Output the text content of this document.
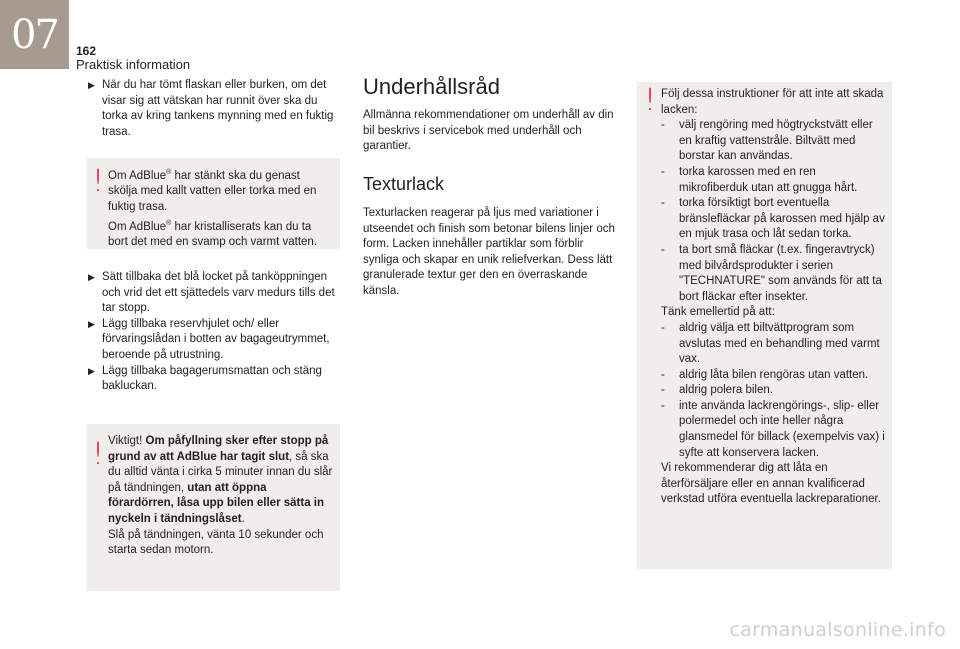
07 162
Praktisk information
▶︎ När du har tömt flaskan eller burken, om det visar sig att vätskan har runnit över ska du torka av kring tankens mynning med en fuktig trasa.
! Om AdBlue® har stänkt ska du genast skölja med kallt vatten eller torka med en fuktig trasa.

Om AdBlue® har kristalliserats kan du ta bort det med en svamp och varmt vatten.

▶︎ Sätt tillbaka det blå locket på tanköppningen och vrid det ett sjättedels varv medurs tills det tar stopp.
▶︎ Lägg tillbaka reservhjulet och/ eller förvaringslådan i botten av bagageutrymmet, beroende på utrustning.
▶︎ Lägg tillbaka bagagerumsmattan och stäng bakluckan.
! Viktigt! Om påfyllning sker efter stopp på grund av att AdBlue har tagit slut, så ska du alltid vänta i cirka 5 minuter innan du slår på tändningen, utan att öppna förardörren, låsa upp bilen eller sätta in nyckeln i tändningslåset.

Slå på tändningen, vänta 10 sekunder och starta sedan motorn.

Underhållsråd
Allmänna rekommendationer om underhåll av din bil beskrivs i servicebok med underhåll och garantier.
Texturlack
Texturlacken reagerar på ljus med variationer i utseendet och finish som betonar bilens linjer och form. Lacken innehåller partiklar som förblir synliga och skapar en unik reliefverkan. Dess lätt granulerade textur ger den en överraskande känsla.
! Följ dessa instruktioner för att inte att skada lacken:

-	välj rengöring med högtryckstvätt eller en kraftig vattenstråle. Biltvätt med borstar kan användas.
-	torka karossen med en ren mikrofiberduk utan att gnugga hårt.
-	torka försiktigt bort eventuella bränslefläckar på karossen med hjälp av en mjuk trasa och låt sedan torka.
-	ta bort små fläckar (t.ex. fingeravtryck) med bilvårdsprodukter i serien "TECHNATURE" som används för att ta bort fläckar efter insekter.

Tänk emellertid på att:

-	aldrig välja ett biltvättprogram som avslutas med en behandling med varmt vax.
-	aldrig låta bilen rengöras utan vatten.
-	aldrig polera bilen.
-	inte använda lackrengörings-, slip- eller polermedel och inte heller några glansmedel för billack (exempelvis vax) i syfte att konservera lacken.

Vi rekommenderar dig att låta en återförsäljare eller en annan kvalificerad verkstad utföra eventuella lackreparationer.

carmanualsonline.info
